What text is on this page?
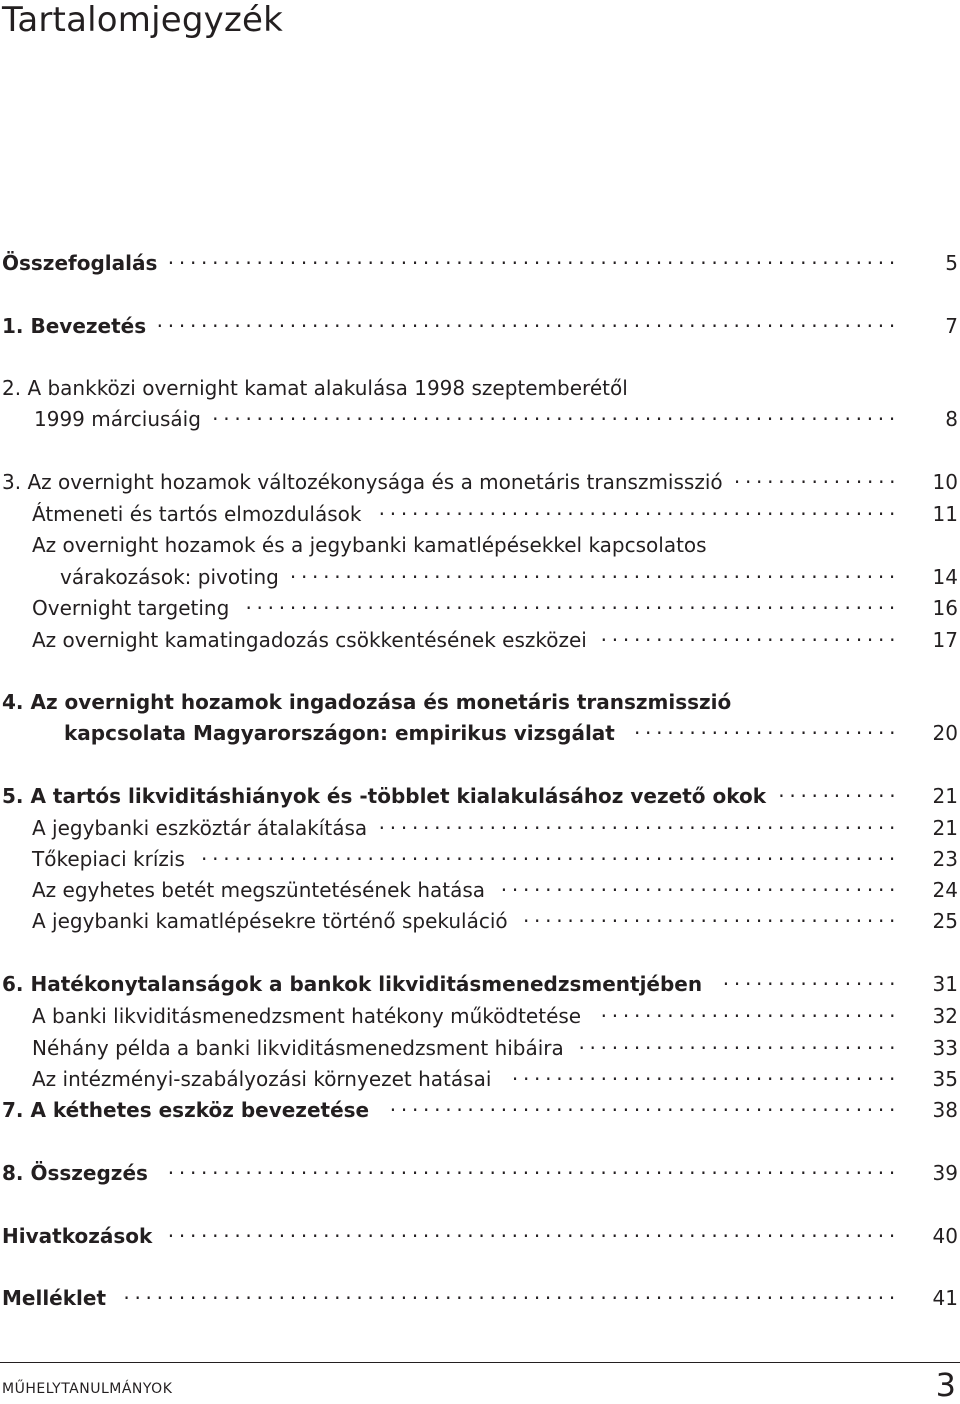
Tartalomjegyzék
Összefoglalás	5
· · · · · · · · · · · · · · · · · · · · · · · · · · · · · · · · · · · · · · · · · · · · · · · · · · · · · · · · · · · · · · · · · ·
1. Bevezetés	7
· · · · · · · · · · · · · · · · · · · · · · · · · · · · · · · · · · · · · · · · · · · · · · · · · · · · · · · · · · · · · · · · · · ·
2. A bankközi overnight kamat alakulása 1998 szeptemberétől
1999 márciusáig	8
· · · · · · · · · · · · · · · · · · · · · · · · · · · · · · · · · · · · · · · · · · · · · · · · · · · · · · · · · · · · · ·
3. Az overnight hozamok változékonysága és a monetáris transzmisszió	10
· · · · · · · · · · · · · · ·
Átmeneti és tartós elmozdulások	11
· · · · · · · · · · · · · · · · · · · · · · · · · · · · · · · · · · · · · · · · · · · · · · ·
Az overnight hozamok és a jegybanki kamatlépésekkel kapcsolatos
várakozások: pivoting	14
· · · · · · · · · · · · · · · · · · · · · · · · · · · · · · · · · · · · · · · · · · · · · · · · · · · · · · ·
Overnight targeting	16
· · · · · · · · · · · · · · · · · · · · · · · · · · · · · · · · · · · · · · · · · · · · · · · · · · · · · · · · · · ·
Az overnight kamatingadozás csökkentésének eszközei	17
· · · · · · · · · · · · · · · · · · · · · · · · · · ·
4. Az overnight hozamok ingadozása és monetáris transzmisszió
kapcsolata Magyarországon: empirikus vizsgálat	20
· · · · · · · · · · · · · · · · · · · · · · · ·
5. A tartós likviditáshiányok és -többlet kialakulásához vezető okok	21
· · · · · · · · · · ·
A jegybanki eszköztár átalakítása	21
· · · · · · · · · · · · · · · · · · · · · · · · · · · · · · · · · · · · · · · · · · · · · · ·
Tőkepiaci krízis	23
· · · · · · · · · · · · · · · · · · · · · · · · · · · · · · · · · · · · · · · · · · · · · · · · · · · · · · · · · · · · · · ·
Az egyhetes betét megszüntetésének hatása	24
· · · · · · · · · · · · · · · · · · · · · · · · · · · · · · · · · · · ·
A jegybanki kamatlépésekre történő spekuláció	25
· · · · · · · · · · · · · · · · · · · · · · · · · · · · · · · · · ·
6. Hatékonytalanságok a bankok likviditásmenedzsmentjében	31
· · · · · · · · · · · · · · · ·
A banki likviditásmenedzsment hatékony működtetése	32
· · · · · · · · · · · · · · · · · · · · · · · · · · ·
Néhány példa a banki likviditásmenedzsment hibáira	33
· · · · · · · · · · · · · · · · · · · · · · · · · · · · ·
Az intézményi-szabályozási környezet hatásai	35
· · · · · · · · · · · · · · · · · · · · · · · · · · · · · · · · · · ·
7. A kéthetes eszköz bevezetése	38
· · · · · · · · · · · · · · · · · · · · · · · · · · · · · · · · · · · · · · · · · · · · · ·
8. Összegzés	39
· · · · · · · · · · · · · · · · · · · · · · · · · · · · · · · · · · · · · · · · · · · · · · · · · · · · · · · · · · · · · · · · · ·
Hivatkozások	40
· · · · · · · · · · · · · · · · · · · · · · · · · · · · · · · · · · · · · · · · · · · · · · · · · · · · · · · · · · · · · · · · · ·
Melléklet	41
· · · · · · · · · · · · · · · · · · · · · · · · · · · · · · · · · · · · · · · · · · · · · · · · · · · · · · · · · · · · · · · · · · · · · ·
MŰHELYTANULMÁNYOK	3
